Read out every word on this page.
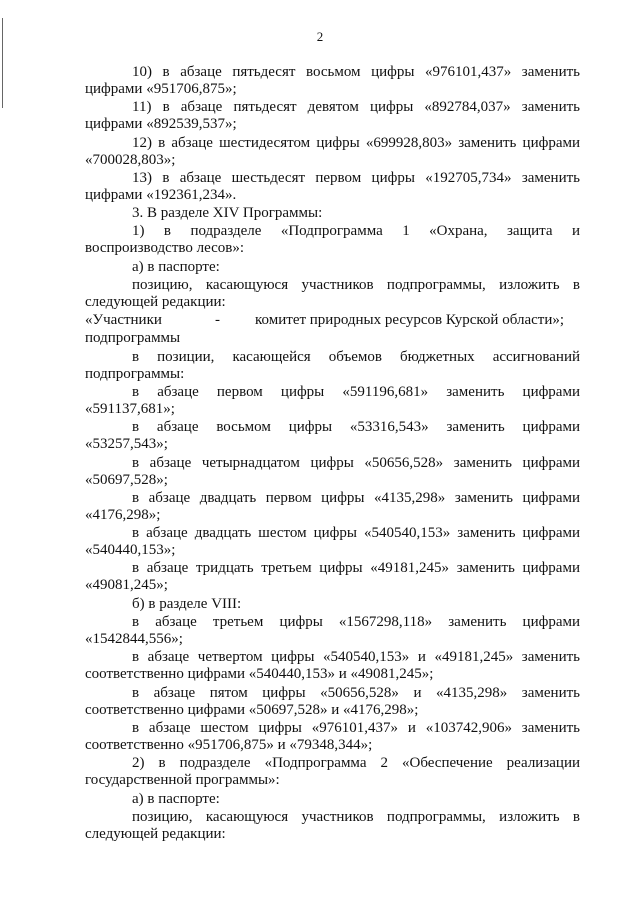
2

10) в абзаце пятьдесят восьмом цифры «976101,437» заменить цифрами «951706,875»;

11) в абзаце пятьдесят девятом цифры «892784,037» заменить цифрами «892539,537»;

12) в абзаце шестидесятом цифры «699928,803» заменить цифрами «700028,803»;

13) в абзаце шестьдесят первом цифры «192705,734» заменить цифрами «192361,234».

3. В разделе XIV Программы:

1) в подразделе «Подпрограмма 1 «Охрана, защита и воспроизводство лесов»:

а) в паспорте:

позицию, касающуюся участников подпрограммы, изложить в следующей редакции:

«Участники	-	комитет природных ресурсов Курской области»;

подпрограммы

в позиции, касающейся объемов бюджетных ассигнований подпрограммы:

в абзаце первом цифры «591196,681» заменить цифрами «591137,681»;

в абзаце восьмом цифры «53316,543» заменить цифрами «53257,543»;

в абзаце четырнадцатом цифры «50656,528» заменить цифрами «50697,528»;

в абзаце двадцать первом цифры «4135,298» заменить цифрами «4176,298»;

в абзаце двадцать шестом цифры «540540,153» заменить цифрами «540440,153»;

в абзаце тридцать третьем цифры «49181,245» заменить цифрами «49081,245»;

б) в разделе VIII:

в абзаце третьем цифры «1567298,118» заменить цифрами «1542844,556»;

в абзаце четвертом цифры «540540,153» и «49181,245» заменить соответственно цифрами «540440,153» и «49081,245»;

в абзаце пятом цифры «50656,528» и «4135,298» заменить соответственно цифрами «50697,528» и «4176,298»;

в абзаце шестом цифры «976101,437» и «103742,906» заменить соответственно «951706,875» и «79348,344»;

2) в подразделе «Подпрограмма 2 «Обеспечение реализации государственной программы»:

а) в паспорте:

позицию, касающуюся участников подпрограммы, изложить в следующей редакции:
